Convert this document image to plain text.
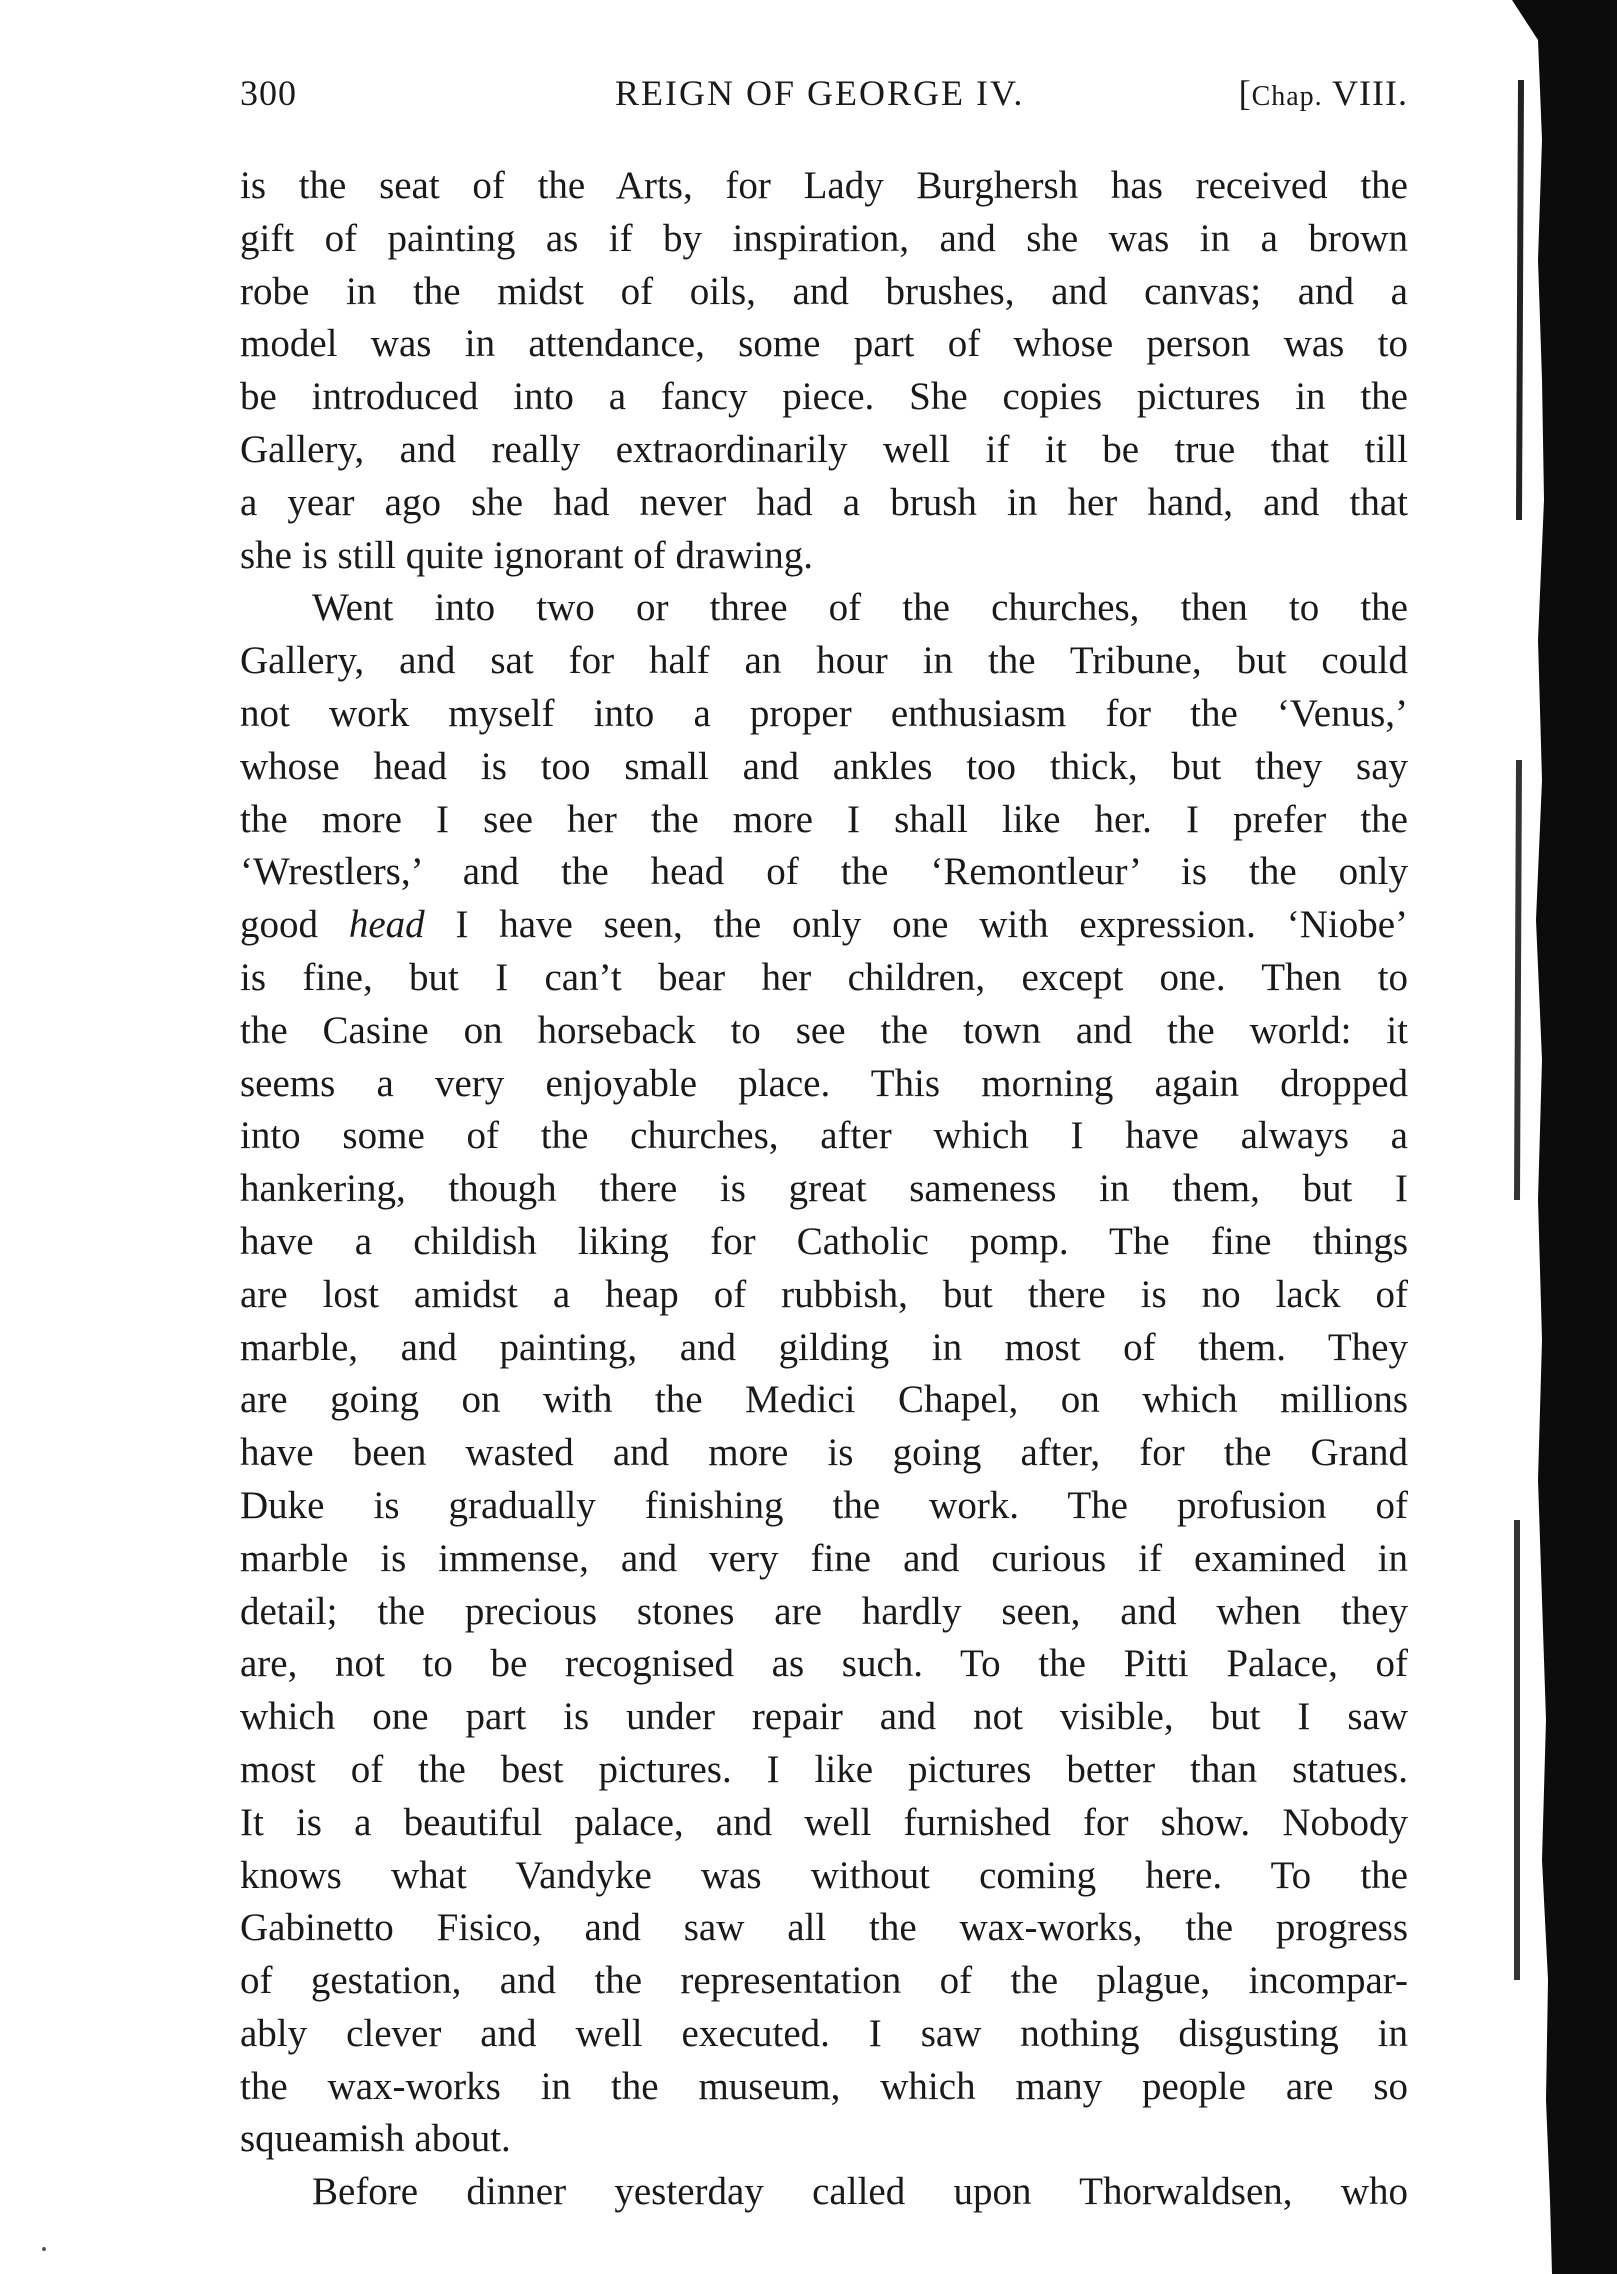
300	REIGN OF GEORGE IV.	[Chap. VIII.
is the seat of the Arts, for Lady Burghersh has received the
gift of painting as if by inspiration, and she was in a brown
robe in the midst of oils, and brushes, and canvas; and a
model was in attendance, some part of whose person was to
be introduced into a fancy piece. She copies pictures in the
Gallery, and really extraordinarily well if it be true that till
a year ago she had never had a brush in her hand, and that
she is still quite ignorant of drawing.
Went into two or three of the churches, then to the
Gallery, and sat for half an hour in the Tribune, but could
not work myself into a proper enthusiasm for the ‘Venus,’
whose head is too small and ankles too thick, but they say
the more I see her the more I shall like her. I prefer the
‘Wrestlers,’ and the head of the ‘Remontleur’ is the only
good head I have seen, the only one with expression. ‘Niobe’
is fine, but I can’t bear her children, except one. Then to
the Casine on horseback to see the town and the world: it
seems a very enjoyable place. This morning again dropped
into some of the churches, after which I have always a
hankering, though there is great sameness in them, but I
have a childish liking for Catholic pomp. The fine things
are lost amidst a heap of rubbish, but there is no lack of
marble, and painting, and gilding in most of them. They
are going on with the Medici Chapel, on which millions
have been wasted and more is going after, for the Grand
Duke is gradually finishing the work. The profusion of
marble is immense, and very fine and curious if examined in
detail; the precious stones are hardly seen, and when they
are, not to be recognised as such. To the Pitti Palace, of
which one part is under repair and not visible, but I saw
most of the best pictures. I like pictures better than statues.
It is a beautiful palace, and well furnished for show. Nobody
knows what Vandyke was without coming here. To the
Gabinetto Fisico, and saw all the wax-works, the progress
of gestation, and the representation of the plague, incompar-
ably clever and well executed. I saw nothing disgusting in
the wax-works in the museum, which many people are so
squeamish about.
Before dinner yesterday called upon Thorwaldsen, who
